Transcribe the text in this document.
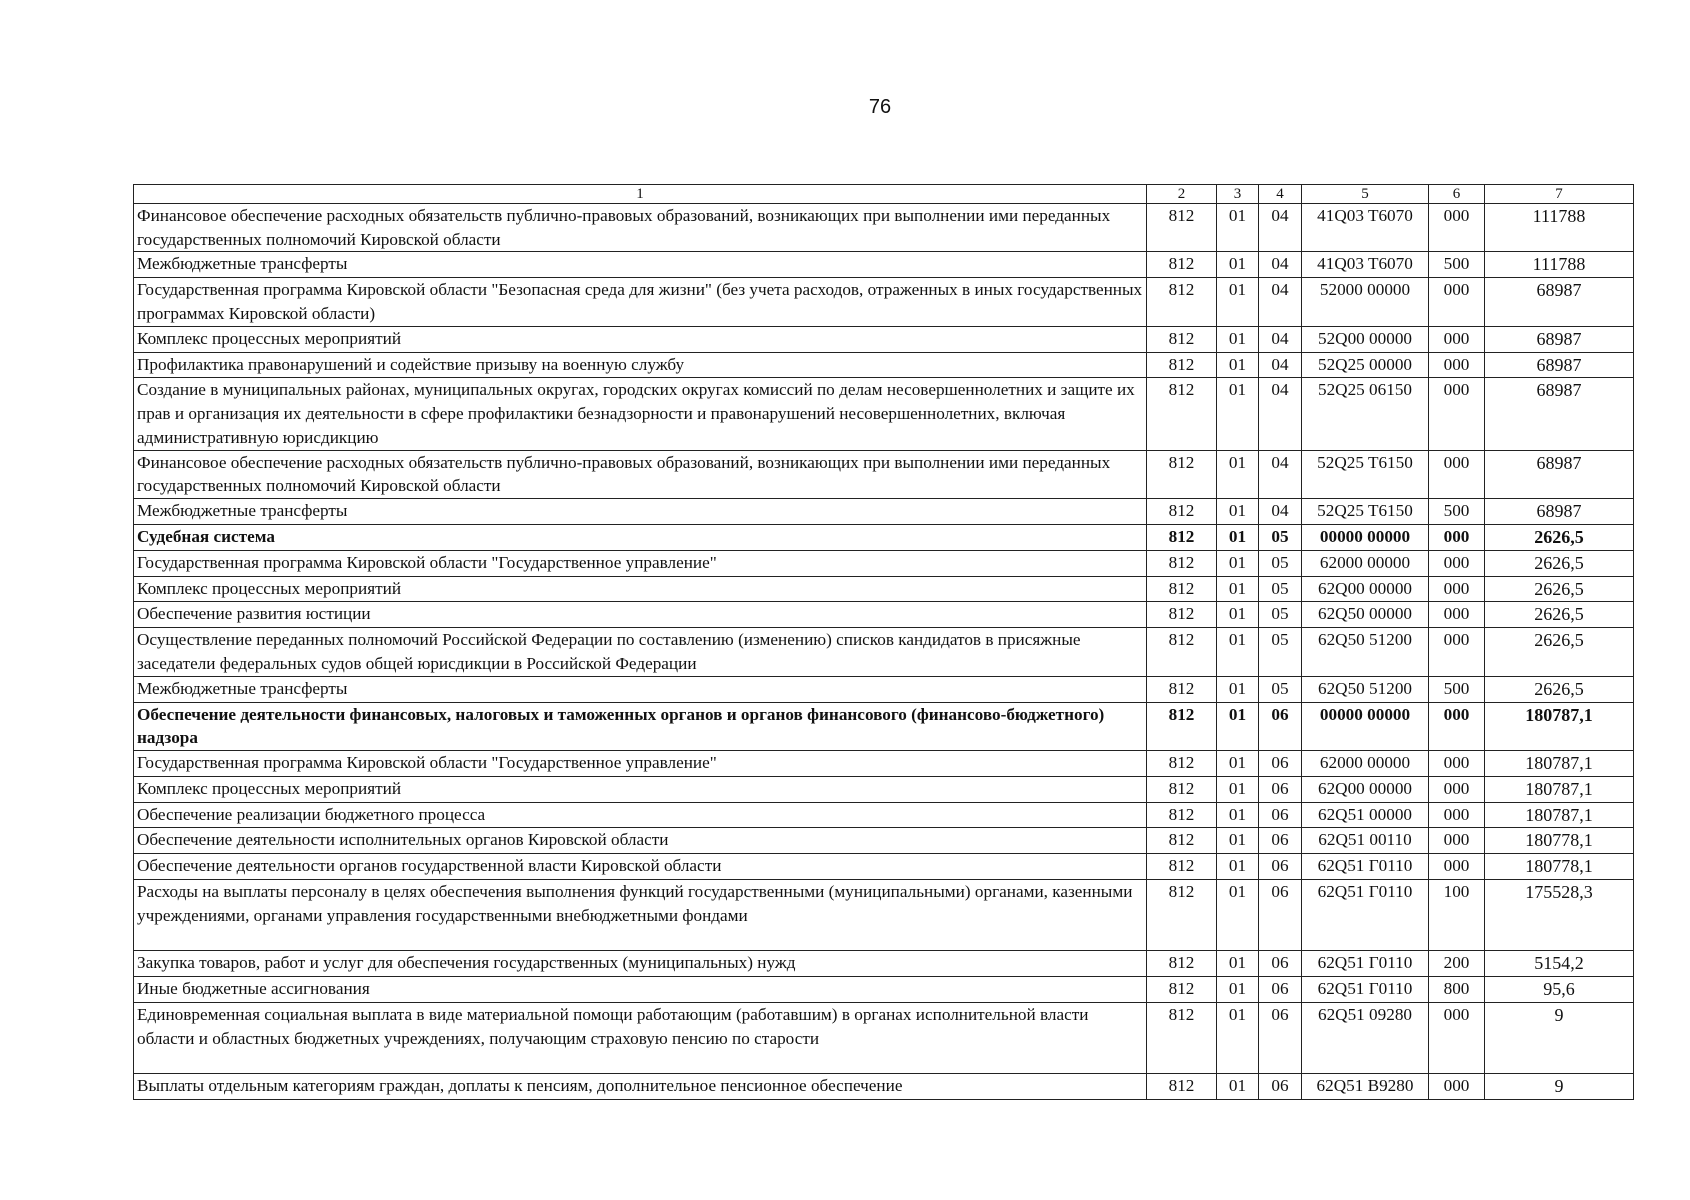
76
1	2	3	4	5	6	7
Финансовое обеспечение расходных обязательств публично-правовых образований, возникающих при выполнении ими переданных государственных полномочий Кировской области	812	01	04	41Q03 T6070	000	111788
Межбюджетные трансферты	812	01	04	41Q03 T6070	500	111788
Государственная программа Кировской области "Безопасная среда для жизни" (без учета расходов, отраженных в иных государственных программах Кировской области)	812	01	04	52000 00000	000	68987
Комплекс процессных мероприятий	812	01	04	52Q00 00000	000	68987
Профилактика правонарушений и содействие призыву на военную службу	812	01	04	52Q25 00000	000	68987
Создание в муниципальных районах, муниципальных округах, городских округах комиссий по делам несовершеннолетних и защите их прав и организация их деятельности в сфере профилактики безнадзорности и правонарушений несовершеннолетних, включая административную юрисдикцию	812	01	04	52Q25 06150	000	68987
Финансовое обеспечение расходных обязательств публично-правовых образований, возникающих при выполнении ими переданных государственных полномочий Кировской области	812	01	04	52Q25 T6150	000	68987
Межбюджетные трансферты	812	01	04	52Q25 T6150	500	68987
Судебная система	812	01	05	00000 00000	000	2626,5
Государственная программа Кировской области "Государственное управление"	812	01	05	62000 00000	000	2626,5
Комплекс процессных мероприятий	812	01	05	62Q00 00000	000	2626,5
Обеспечение развития юстиции	812	01	05	62Q50 00000	000	2626,5
Осуществление переданных полномочий Российской Федерации по составлению (изменению) списков кандидатов в присяжные заседатели федеральных судов общей юрисдикции в Российской Федерации	812	01	05	62Q50 51200	000	2626,5
Межбюджетные трансферты	812	01	05	62Q50 51200	500	2626,5
Обеспечение деятельности финансовых, налоговых и таможенных органов и органов финансового (финансово-бюджетного) надзора	812	01	06	00000 00000	000	180787,1
Государственная программа Кировской области "Государственное управление"	812	01	06	62000 00000	000	180787,1
Комплекс процессных мероприятий	812	01	06	62Q00 00000	000	180787,1
Обеспечение реализации бюджетного процесса	812	01	06	62Q51 00000	000	180787,1
Обеспечение деятельности исполнительных органов Кировской области	812	01	06	62Q51 00110	000	180778,1
Обеспечение деятельности органов государственной власти Кировской области	812	01	06	62Q51 Г0110	000	180778,1
Расходы на выплаты персоналу в целях обеспечения выполнения функций государственными (муниципальными) органами, казенными учреждениями, органами управления государственными внебюджетными фондами	812	01	06	62Q51 Г0110	100	175528,3
Закупка товаров, работ и услуг для обеспечения государственных (муниципальных) нужд	812	01	06	62Q51 Г0110	200	5154,2
Иные бюджетные ассигнования	812	01	06	62Q51 Г0110	800	95,6
Единовременная социальная выплата в виде материальной помощи работающим (работавшим) в органах исполнительной власти области и областных бюджетных учреждениях, получающим страховую пенсию по старости	812	01	06	62Q51 09280	000	9
Выплаты отдельным категориям граждан, доплаты к пенсиям, дополнительное пенсионное обеспечение	812	01	06	62Q51 B9280	000	9
